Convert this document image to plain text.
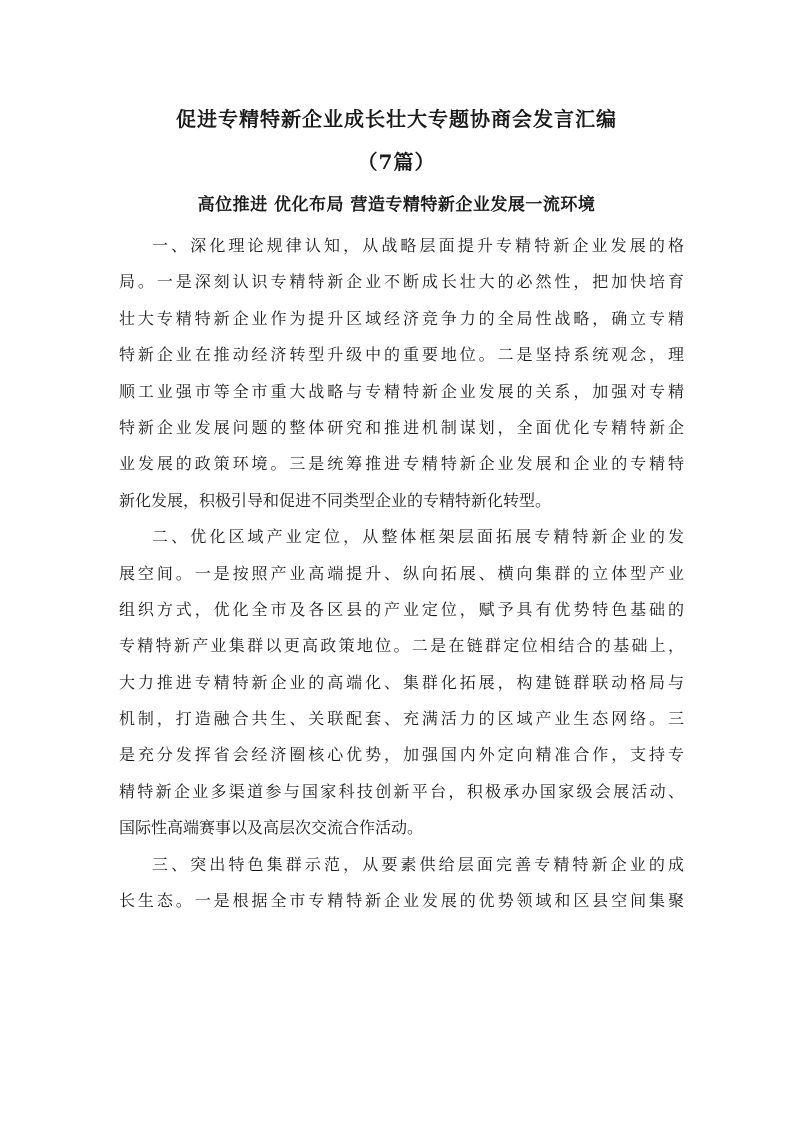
促进专精特新企业成长壮大专题协商会发言汇编
（7篇）
高位推进 优化布局 营造专精特新企业发展一流环境
一、深化理论规律认知，从战略层面提升专精特新企业发展的格
局。一是深刻认识专精特新企业不断成长壮大的必然性，把加快培育
壮大专精特新企业作为提升区域经济竞争力的全局性战略，确立专精
特新企业在推动经济转型升级中的重要地位。二是坚持系统观念，理
顺工业强市等全市重大战略与专精特新企业发展的关系，加强对专精
特新企业发展问题的整体研究和推进机制谋划，全面优化专精特新企
业发展的政策环境。三是统筹推进专精特新企业发展和企业的专精特
新化发展，积极引导和促进不同类型企业的专精特新化转型。
二、优化区域产业定位，从整体框架层面拓展专精特新企业的发
展空间。一是按照产业高端提升、纵向拓展、横向集群的立体型产业
组织方式，优化全市及各区县的产业定位，赋予具有优势特色基础的
专精特新产业集群以更高政策地位。二是在链群定位相结合的基础上，
大力推进专精特新企业的高端化、集群化拓展，构建链群联动格局与
机制，打造融合共生、关联配套、充满活力的区域产业生态网络。三
是充分发挥省会经济圈核心优势，加强国内外定向精准合作，支持专
精特新企业多渠道参与国家科技创新平台，积极承办国家级会展活动、
国际性高端赛事以及高层次交流合作活动。
三、突出特色集群示范，从要素供给层面完善专精特新企业的成
长生态。一是根据全市专精特新企业发展的优势领域和区县空间集聚
